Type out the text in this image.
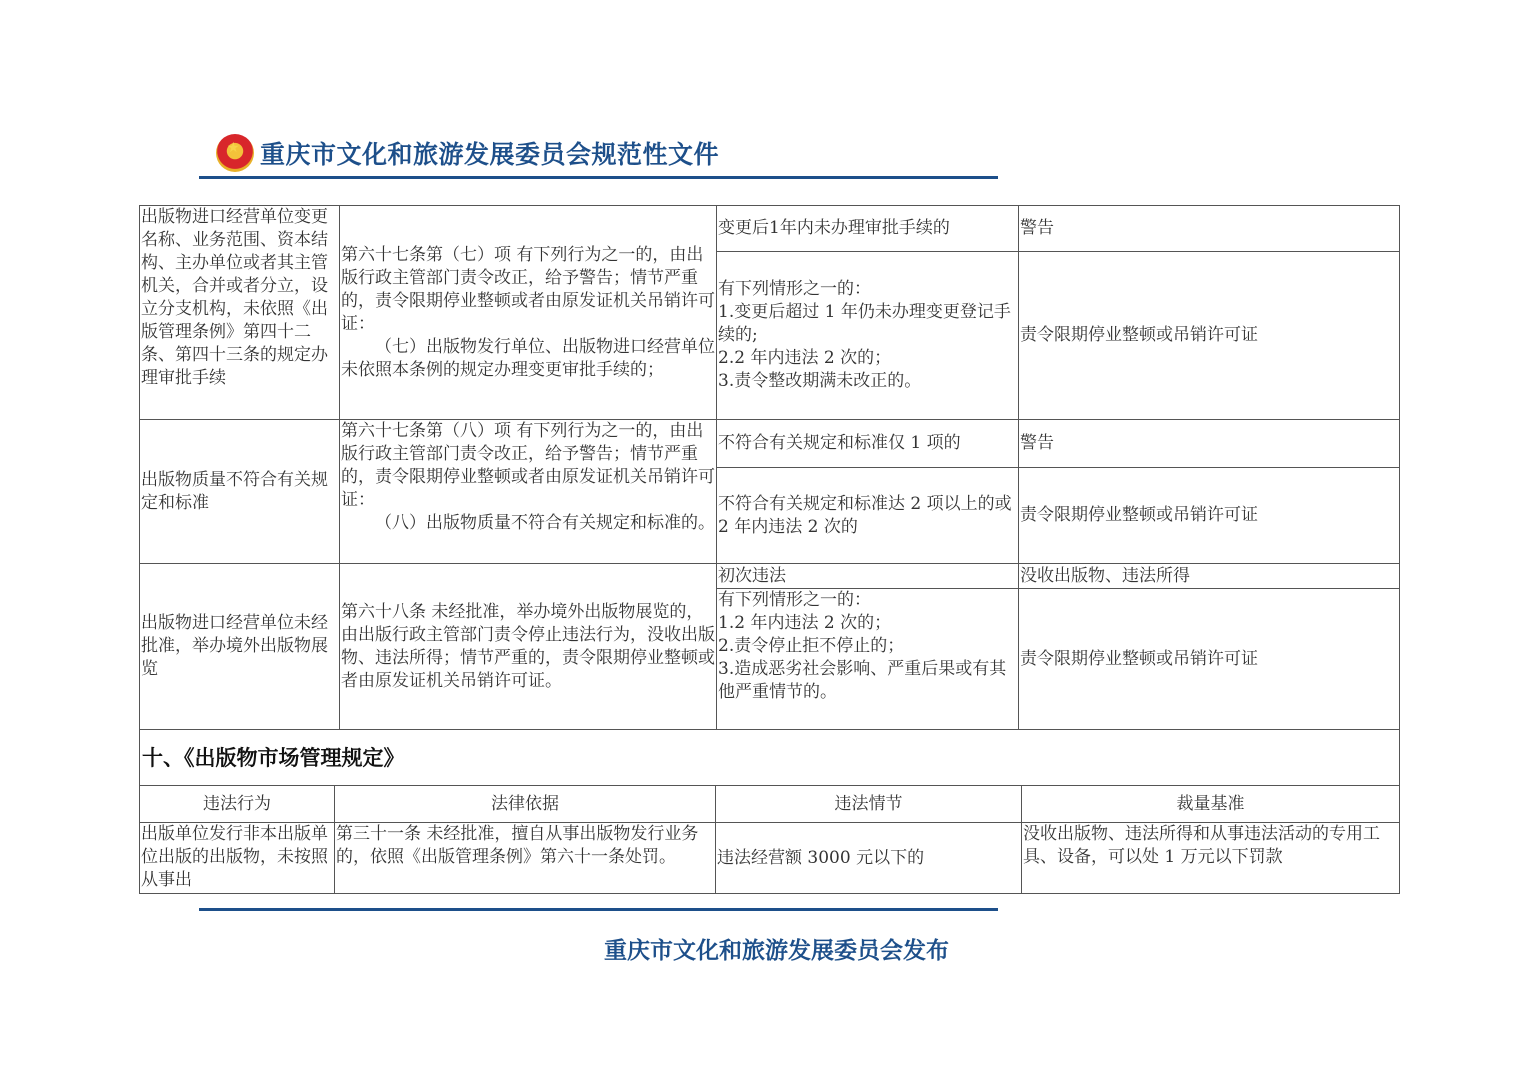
★
重庆市文化和旅游发展委员会规范性文件
出版物进口经营单位变更名称、业务范围、资本结构、主办单位或者其主管机关，合并或者分立，设立分支机构，未依照《出版管理条例》第四十二条、第四十三条的规定办理审批手续	第六十七条第（七）项 有下列行为之一的，由出版行政主管部门责令改正，给予警告；情节严重的，责令限期停业整顿或者由原发证机关吊销许可证：
（七）出版物发行单位、出版物进口经营单位未依照本条例的规定办理变更审批手续的；	变更后1年内未办理审批手续的	警告
		有下列情形之一的：
1.变更后超过 1 年仍未办理变更登记手续的;
2.2 年内违法 2 次的；
3.责令整改期满未改正的。	责令限期停业整顿或吊销许可证
出版物质量不符合有关规定和标准	第六十七条第（八）项 有下列行为之一的，由出版行政主管部门责令改正，给予警告；情节严重的，责令限期停业整顿或者由原发证机关吊销许可证：
（八）出版物质量不符合有关规定和标准的。	不符合有关规定和标准仅 1 项的	警告
		不符合有关规定和标准达 2 项以上的或 2 年内违法 2 次的	责令限期停业整顿或吊销许可证
出版物进口经营单位未经批准，举办境外出版物展览	第六十八条 未经批准，举办境外出版物展览的，由出版行政主管部门责令停止违法行为，没收出版物、违法所得；情节严重的，责令限期停业整顿或者由原发证机关吊销许可证。	初次违法	没收出版物、违法所得
		有下列情形之一的：
1.2 年内违法 2 次的；
2.责令停止拒不停止的；
3.造成恶劣社会影响、严重后果或有其他严重情节的。	责令限期停业整顿或吊销许可证
十、《出版物市场管理规定》			
违法行为	法律依据	违法情节	裁量基准
出版单位发行非本出版单位出版的出版物，未按照从事出	第三十一条 未经批准，擅自从事出版物发行业务的，依照《出版管理条例》第六十一条处罚。	违法经营额 3000 元以下的	没收出版物、违法所得和从事违法活动的专用工具、设备，可以处 1 万元以下罚款
重庆市文化和旅游发展委员会发布
